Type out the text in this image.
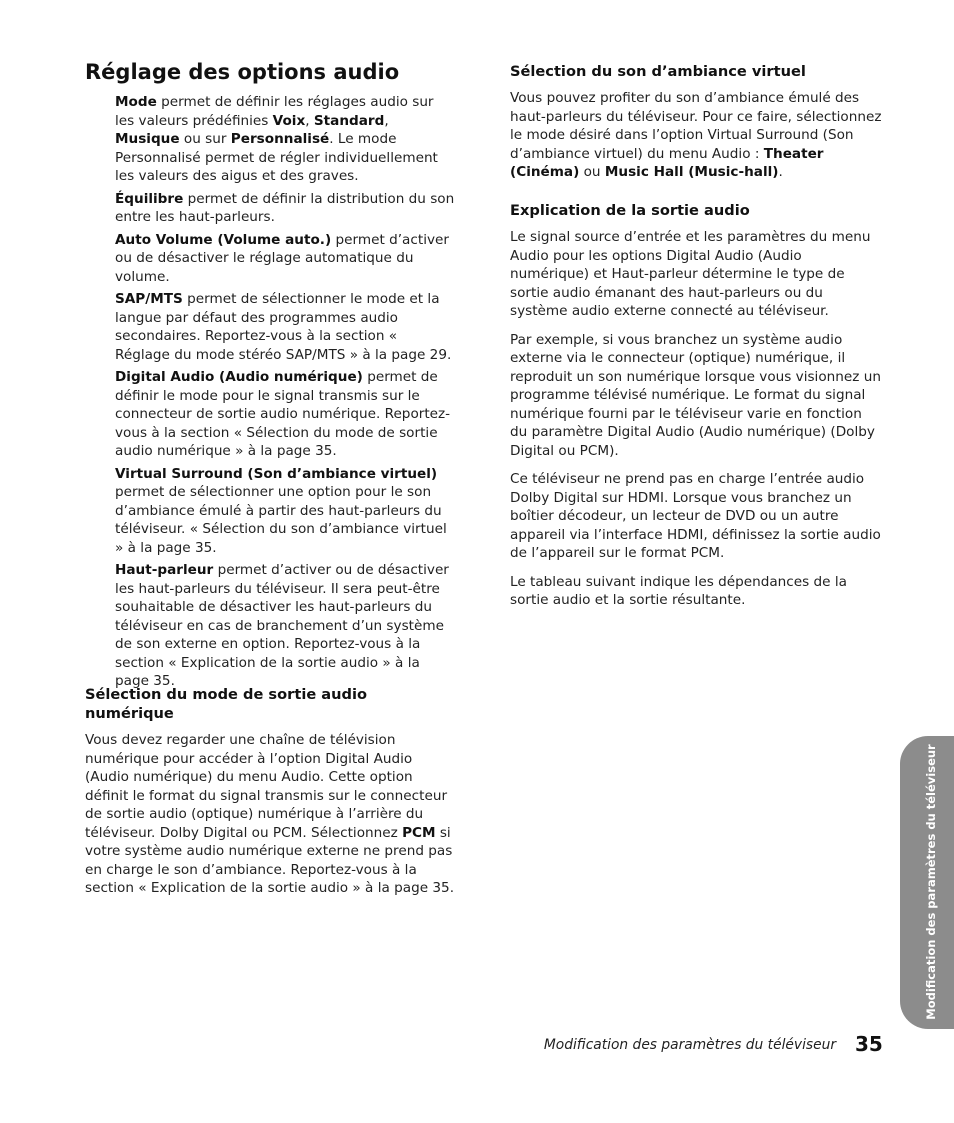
Réglage des options audio

Mode permet de définir les réglages audio sur les valeurs prédéfinies Voix, Standard, Musique ou sur Personnalisé. Le mode Personnalisé permet de régler individuellement les valeurs des aigus et des graves.

Équilibre permet de définir la distribution du son entre les haut-parleurs.

Auto Volume (Volume auto.) permet d’activer ou de désactiver le réglage automatique du volume.

SAP/MTS permet de sélectionner le mode et la langue par défaut des programmes audio secondaires. Reportez-vous à la section « Réglage du mode stéréo SAP/MTS » à la page 29.

Digital Audio (Audio numérique) permet de définir le mode pour le signal transmis sur le connecteur de sortie audio numérique. Reportez-vous à la section « Sélection du mode de sortie audio numérique » à la page 35.

Virtual Surround (Son d’ambiance virtuel) permet de sélectionner une option pour le son d’ambiance émulé à partir des haut-parleurs du téléviseur. « Sélection du son d’ambiance virtuel » à la page 35.

Haut-parleur permet d’activer ou de désactiver les haut-parleurs du téléviseur. Il sera peut-être souhaitable de désactiver les haut-parleurs du téléviseur en cas de branchement d’un système de son externe en option. Reportez-vous à la section « Explication de la sortie audio » à la page 35.

Sélection du mode de sortie audio numérique

Vous devez regarder une chaîne de télévision numérique pour accéder à l’option Digital Audio (Audio numérique) du menu Audio. Cette option définit le format du signal transmis sur le connecteur de sortie audio (optique) numérique à l’arrière du téléviseur. Dolby Digital ou PCM. Sélectionnez PCM si votre système audio numérique externe ne prend pas en charge le son d’ambiance. Reportez-vous à la section « Explication de la sortie audio » à la page 35.

Sélection du son d’ambiance virtuel

Vous pouvez profiter du son d’ambiance émulé des haut-parleurs du téléviseur. Pour ce faire, sélectionnez le mode désiré dans l’option Virtual Surround (Son d’ambiance virtuel) du menu Audio : Theater (Cinéma) ou Music Hall (Music-hall).

Explication de la sortie audio

Le signal source d’entrée et les paramètres du menu Audio pour les options Digital Audio (Audio numérique) et Haut-parleur détermine le type de sortie audio émanant des haut-parleurs ou du système audio externe connecté au téléviseur.

Par exemple, si vous branchez un système audio externe via le connecteur (optique) numérique, il reproduit un son numérique lorsque vous visionnez un programme télévisé numérique. Le format du signal numérique fourni par le téléviseur varie en fonction du paramètre Digital Audio (Audio numérique) (Dolby Digital ou PCM).

Ce téléviseur ne prend pas en charge l’entrée audio Dolby Digital sur HDMI. Lorsque vous branchez un boîtier décodeur, un lecteur de DVD ou un autre appareil via l’interface HDMI, définissez la sortie audio de l’appareil sur le format PCM.

Le tableau suivant indique les dépendances de la sortie audio et la sortie résultante.

Modification des paramètres du téléviseur
Modification des paramètres du téléviseur 35
